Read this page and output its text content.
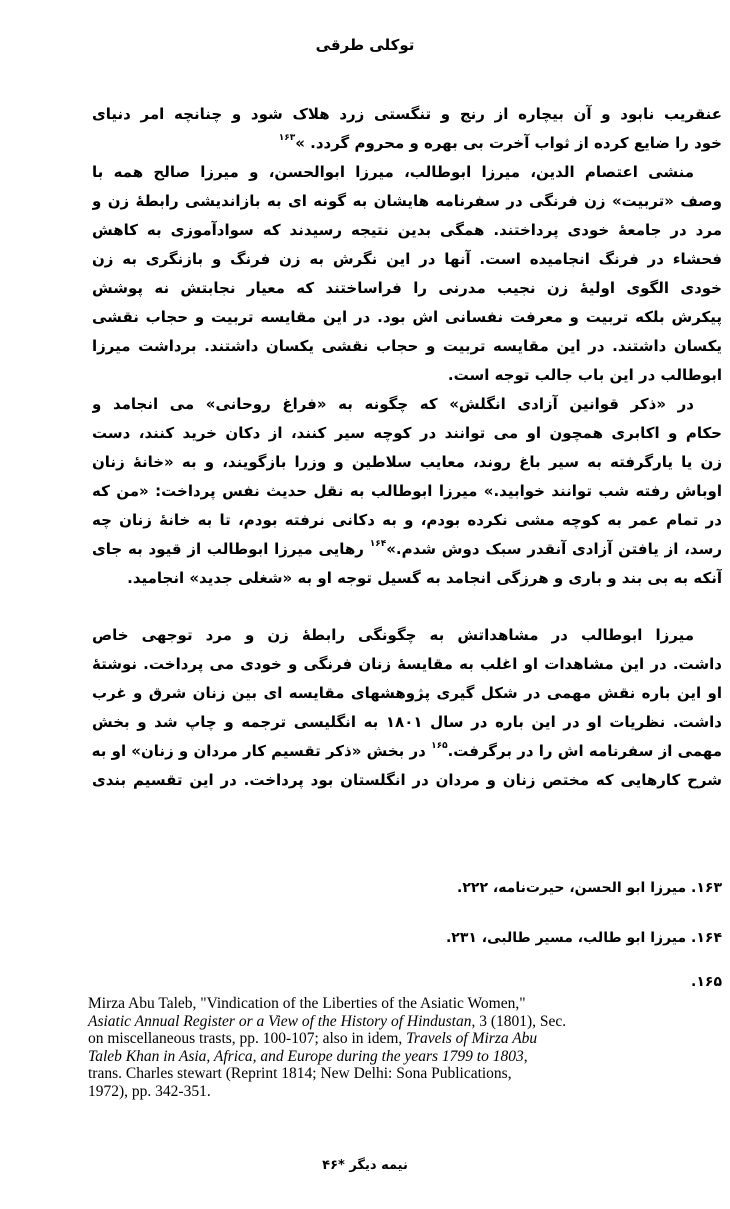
توکلی طرقی
عنقریب نابود و آن بیچاره از رنج و تنگستی زرد هلاک شود و چنانچه امر دنیای
خود را ضایع کرده از ثواب آخرت بی بهره و محروم گردد. »$^{۱۶۳}$
منشی اعتصام الدین، میرزا ابوطالب، میرزا ابوالحسن، و میرزا صالح همه با
وصف «تربیت» زن فرنگی در سفرنامه هایشان به گونه ای به بازاندیشی رابطهٔ زن و
مرد در جامعهٔ خودی پرداختند. همگی بدین نتیجه رسیدند که سوادآموزی به کاهش
فحشاء در فرنگ انجامیده است. آنها در این نگرش به زن فرنگ و بازنگری به زن
خودی الگوی اولیهٔ زن نجیب مدرنی را فراساختند که معیار نجابتش نه پوشش
پیکرش بلکه تربیت و معرفت نفسانی اش بود. در این مقایسه تربیت و حجاب نقشی
یکسان داشتند. در این مقایسه تربیت و حجاب نقشی یکسان داشتند. برداشت میرزا
ابوطالب در این باب جالب توجه است.
در «ذکر قوانین آزادی انگلش» که چگونه به «فراغ روحانی» می انجامد و
حکام و اکابری همچون او می توانند در کوچه سیر کنند، از دکان خرید کنند، دست
زن یا یارگرفته به سیر باغ روند، معایب سلاطین و وزرا بازگویند، و به «خانهٔ زنان
اوباش رفته شب توانند خوابید.» میرزا ابوطالب به نقل حدیث نفس پرداخت: «من که
در تمام عمر به کوچه مشی نکرده بودم، و به دکانی نرفته بودم، تا به خانهٔ زنان چه
رسد، از یافتن آزادی آنقدر سبک دوش شدم.»$^{۱۶۴}$ رهایی میرزا ابوطالب از قیود به جای
آنکه به بی بند و باری و هرزگی انجامد به گسیل توجه او به «شغلی جدید» انجامید.
میرزا ابوطالب در مشاهداتش به چگونگی رابطهٔ زن و مرد توجهی خاص
داشت. در این مشاهدات او اغلب به مقایسهٔ زنان فرنگی و خودی می پرداخت. نوشتهٔ
او این باره نقش مهمی در شکل گیری پژوهشهای مقایسه ای بین زنان شرق و غرب
داشت. نظریات او در این باره در سال ۱۸۰۱ به انگلیسی ترجمه و چاپ شد و بخش
مهمی از سفرنامه اش را در برگرفت.$^{۱۶۵}$ در بخش «ذکر تقسیم کار مردان و زنان» او به
شرح کارهایی که مختص زنان و مردان در انگلستان بود پرداخت. در این تقسیم بندی
۱۶۳. میرزا ابو الحسن، حیرت‌نامه، ۲۲۲.
۱۶۴. میرزا ابو طالب، مسیر طالبی، ۲۳۱.
۱۶۵.
Mirza Abu Taleb, "Vindication of the Liberties of the Asiatic Women,"
Asiatic Annual Register or a View of the History of Hindustan, 3 (1801), Sec.
on miscellaneous trasts, pp. 100-107; also in idem, Travels of Mirza Abu
Taleb Khan in Asia, Africa, and Europe during the years 1799 to 1803,
trans. Charles stewart (Reprint 1814; New Delhi: Sona Publications,
1972), pp. 342-351.
نیمه دیگر *۴۶
